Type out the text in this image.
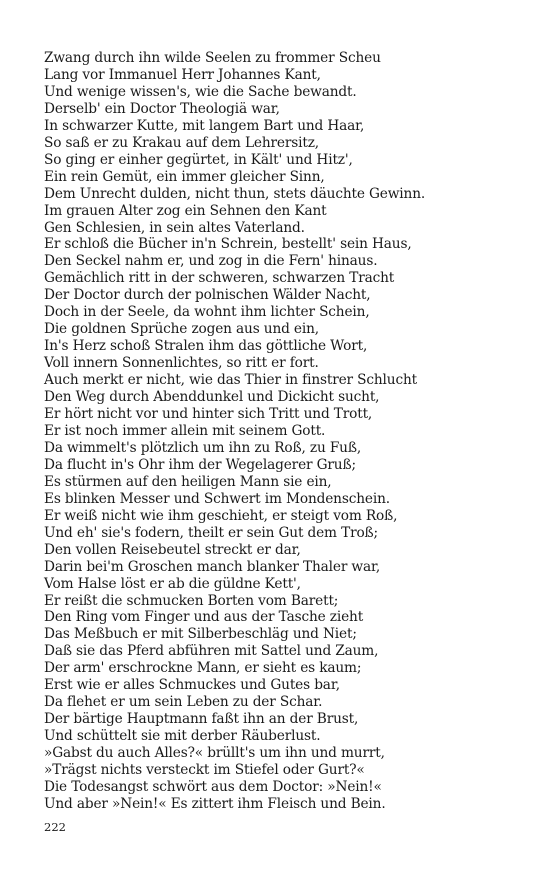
Zwang durch ihn wilde Seelen zu frommer Scheu
Lang vor Immanuel Herr Johannes Kant,
Und wenige wissen's, wie die Sache bewandt.
Derselb' ein Doctor Theologiä war,
In schwarzer Kutte, mit langem Bart und Haar,
So saß er zu Krakau auf dem Lehrersitz,
So ging er einher gegürtet, in Kält' und Hitz',
Ein rein Gemüt, ein immer gleicher Sinn,
Dem Unrecht dulden, nicht thun, stets däuchte Gewinn.
Im grauen Alter zog ein Sehnen den Kant
Gen Schlesien, in sein altes Vaterland.
Er schloß die Bücher in'n Schrein, bestellt' sein Haus,
Den Seckel nahm er, und zog in die Fern' hinaus.
Gemächlich ritt in der schweren, schwarzen Tracht
Der Doctor durch der polnischen Wälder Nacht,
Doch in der Seele, da wohnt ihm lichter Schein,
Die goldnen Sprüche zogen aus und ein,
In's Herz schoß Stralen ihm das göttliche Wort,
Voll innern Sonnenlichtes, so ritt er fort.
Auch merkt er nicht, wie das Thier in finstrer Schlucht
Den Weg durch Abenddunkel und Dickicht sucht,
Er hört nicht vor und hinter sich Tritt und Trott,
Er ist noch immer allein mit seinem Gott.
Da wimmelt's plötzlich um ihn zu Roß, zu Fuß,
Da flucht in's Ohr ihm der Wegelagerer Gruß;
Es stürmen auf den heiligen Mann sie ein,
Es blinken Messer und Schwert im Mondenschein.
Er weiß nicht wie ihm geschieht, er steigt vom Roß,
Und eh' sie's fodern, theilt er sein Gut dem Troß;
Den vollen Reisebeutel streckt er dar,
Darin bei'm Groschen manch blanker Thaler war,
Vom Halse löst er ab die güldne Kett',
Er reißt die schmucken Borten vom Barett;
Den Ring vom Finger und aus der Tasche zieht
Das Meßbuch er mit Silberbeschläg und Niet;
Daß sie das Pferd abführen mit Sattel und Zaum,
Der arm' erschrockne Mann, er sieht es kaum;
Erst wie er alles Schmuckes und Gutes bar,
Da flehet er um sein Leben zu der Schar.
Der bärtige Hauptmann faßt ihn an der Brust,
Und schüttelt sie mit derber Räuberlust.
»Gabst du auch Alles?« brüllt's um ihn und murrt,
»Trägst nichts versteckt im Stiefel oder Gurt?«
Die Todesangst schwört aus dem Doctor: »Nein!«
Und aber »Nein!« Es zittert ihm Fleisch und Bein.
222
